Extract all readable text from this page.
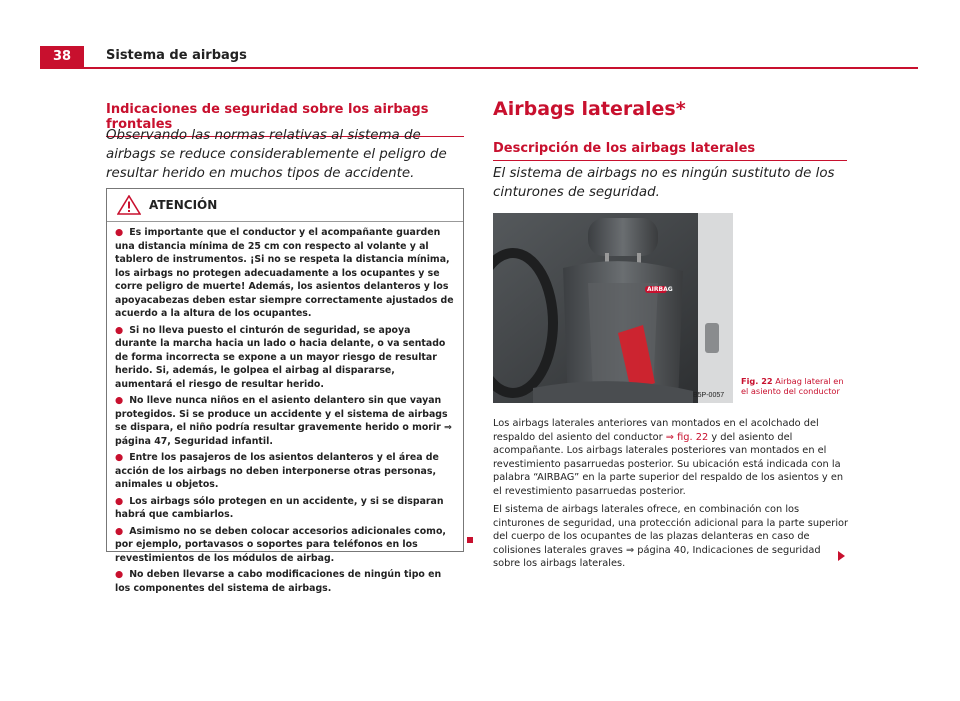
38	Sistema de airbags
Indicaciones de seguridad sobre los airbags frontales
Observando las normas relativas al sistema de airbags se reduce considerablemente el peligro de resultar herido en muchos tipos de accidente.
ATENCIÓN

● Es importante que el conductor y el acompañante guarden una distancia mínima de 25 cm con respecto al volante y al tablero de instrumentos. ¡Si no se respeta la distancia mínima, los airbags no protegen adecuadamente a los ocupantes y se corre peligro de muerte! Además, los asientos delanteros y los apoyacabezas deben estar siempre correctamente ajustados de acuerdo a la altura de los ocupantes.

● Si no lleva puesto el cinturón de seguridad, se apoya durante la marcha hacia un lado o hacia delante, o va sentado de forma incorrecta se expone a un mayor riesgo de resultar herido. Si, además, le golpea el airbag al dispararse, aumentará el riesgo de resultar herido.

● No lleve nunca niños en el asiento delantero sin que vayan protegidos. Si se produce un accidente y el sistema de airbags se dispara, el niño podría resultar gravemente herido o morir ⇒ página 47, Seguridad infantil.

● Entre los pasajeros de los asientos delanteros y el área de acción de los airbags no deben interponerse otras personas, animales u objetos.

● Los airbags sólo protegen en un accidente, y si se disparan habrá que cambiarlos.

● Asimismo no se deben colocar accesorios adicionales como, por ejemplo, portavasos o soportes para teléfonos en los revestimientos de los módulos de airbag.

● No deben llevarse a cabo modificaciones de ningún tipo en los componentes del sistema de airbags.

Airbags laterales*
Descripción de los airbags laterales
El sistema de airbags no es ningún sustituto de los cinturones de seguridad.
B5P-0057
Fig. 22 Airbag lateral en el asiento del conductor
AIRBAG
Los airbags laterales anteriores van montados en el acolchado del respaldo del asiento del conductor ⇒ fig. 22 y del asiento del acompañante. Los airbags laterales posteriores van montados en el revestimiento pasarruedas posterior. Su ubicación está indicada con la palabra “AIRBAG” en la parte superior del respaldo de los asientos y en el revestimiento pasarruedas posterior.
El sistema de airbags laterales ofrece, en combinación con los cinturones de seguridad, una protección adicional para la parte superior del cuerpo de los ocupantes de las plazas delanteras en caso de colisiones laterales graves ⇒ página 40, Indicaciones de seguridad sobre los airbags laterales.
